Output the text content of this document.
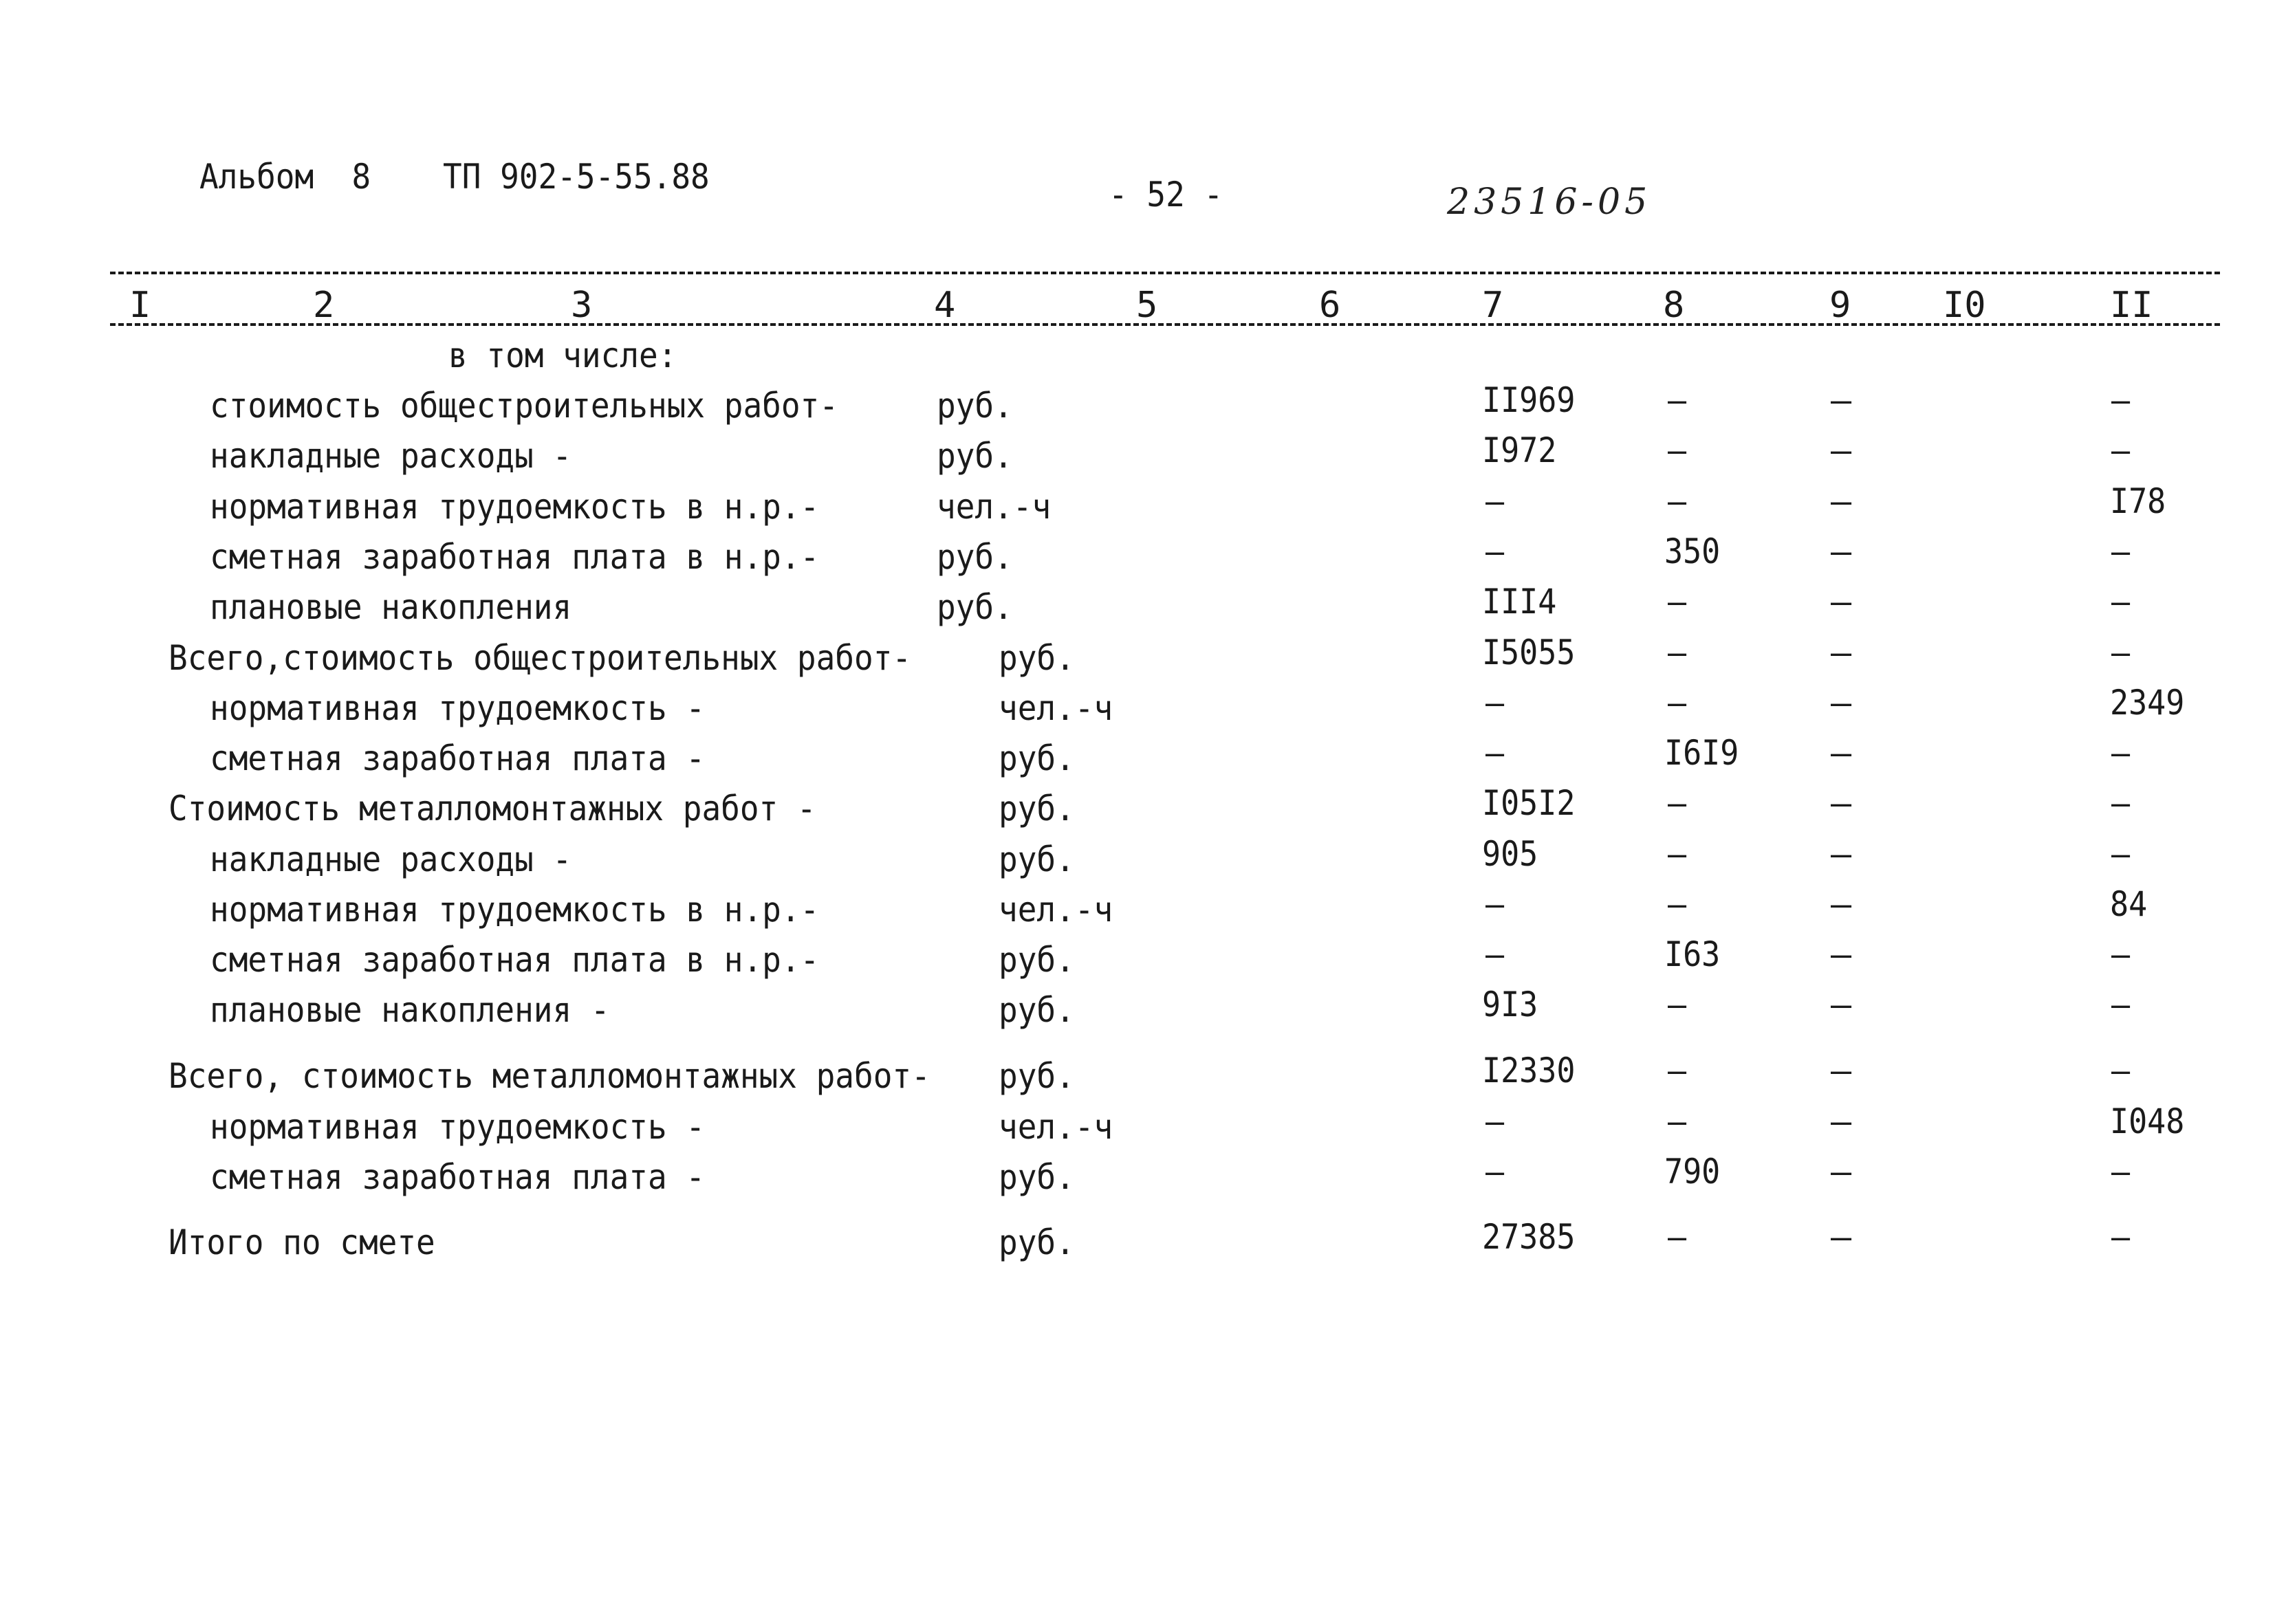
Альбом  8 ТП 902-5-55.88	- 52 -	23516-05
I	2	3	4	5	6	7	8	9	I0	II
в том числе:
стоимость общестроительных работ-	руб.	II969	–	–	–
накладные расходы -	руб.	I972	–	–	–
нормативная трудоемкость в н.р.-	чел.-ч	–	–	–	I78
сметная заработная плата в н.р.-	руб.	–	350	–	–
плановые накопления	руб.	III4	–	–	–
Всего,стоимость общестроительных работ-	руб.	I5055	–	–	–
нормативная трудоемкость -	чел.-ч	–	–	–	2349
сметная заработная плата -	руб.	–	I6I9	–	–
Стоимость металломонтажных работ -	руб.	I05I2	–	–	–
накладные расходы -	руб.	905	–	–	–
нормативная трудоемкость в н.р.-	чел.-ч	–	–	–	84
сметная заработная плата в н.р.-	руб.	–	I63	–	–
плановые накопления -	руб.	9I3	–	–	–
Всего, стоимость металломонтажных работ- руб.	I2330	–	–	–
нормативная трудоемкость -	чел.-ч	–	–	–	I048
сметная заработная плата -	руб.	–	790	–	–
Итого по смете	руб.	27385	–	–	–
